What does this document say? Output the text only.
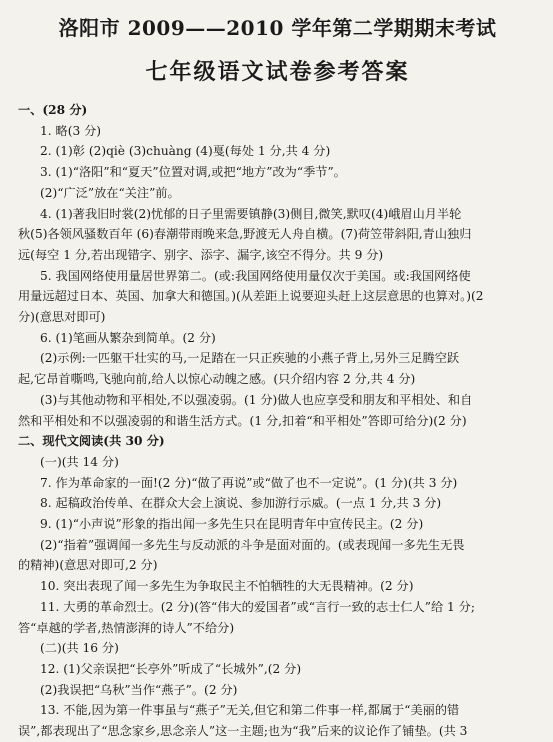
洛阳市 2009——2010 学年第二学期期末考试
七年级语文试卷参考答案
一、(28 分)
1. 略(3 分)
2. (1)彰 (2)qiè (3)chuàng (4)戛(每处 1 分,共 4 分)
3. (1)“洛阳”和“夏天”位置对调,或把“地方”改为“季节”。
(2)“广泛”放在“关注”前。
4. (1)著我旧时裳(2)忧郁的日子里需要镇静(3)侧目,微笑,默叹(4)峨眉山月半轮
秋(5)各领风骚数百年 (6)春潮带雨晚来急,野渡无人舟自横。(7)荷笠带斜阳,青山独归
远(每空 1 分,若出现错字、别字、添字、漏字,该空不得分。共 9 分)
5. 我国网络使用量居世界第二。(或:我国网络使用量仅次于美国。或:我国网络使
用量远超过日本、英国、加拿大和德国。)(从差距上说要迎头赶上这层意思的也算对。)(2
分)(意思对即可)
6. (1)笔画从繁杂到简单。(2 分)
(2)示例:一匹躯干壮实的马,一足踏在一只正疾驰的小燕子背上,另外三足腾空跃
起,它昂首嘶鸣,飞驰向前,给人以惊心动魄之感。(只介绍内容 2 分,共 4 分)
(3)与其他动物和平相处,不以强凌弱。(1 分)做人也应享受和朋友和平相处、和自
然和平相处和不以强凌弱的和谐生活方式。(1 分,扣着“和平相处”答即可给分)(2 分)
二、现代文阅读(共 30 分)
(一)(共 14 分)
7. 作为革命家的一面!(2 分)“做了再说”或“做了也不一定说”。(1 分)(共 3 分)
8. 起稿政治传单、在群众大会上演说、参加游行示威。(一点 1 分,共 3 分)
9. (1)“小声说”形象的指出闻一多先生只在昆明青年中宣传民主。(2 分)
(2)“指着”强调闻一多先生与反动派的斗争是面对面的。(或表现闻一多先生无畏
的精神)(意思对即可,2 分)
10. 突出表现了闻一多先生为争取民主不怕牺牲的大无畏精神。(2 分)
11. 大勇的革命烈士。(2 分)(答“伟大的爱国者”或“言行一致的志士仁人”给 1 分;
答“卓越的学者,热情澎湃的诗人”不给分)
(二)(共 16 分)
12. (1)父亲误把“长亭外”听成了“长城外”,(2 分)
(2)我误把“乌秋”当作“燕子”。(2 分)
13. 不能,因为第一件事虽与“燕子”无关,但它和第二件事一样,都属于“美丽的错
误”,都表现出了“思念家乡,思念亲人”这一主题;也为“我”后来的议论作了铺垫。(共 3
